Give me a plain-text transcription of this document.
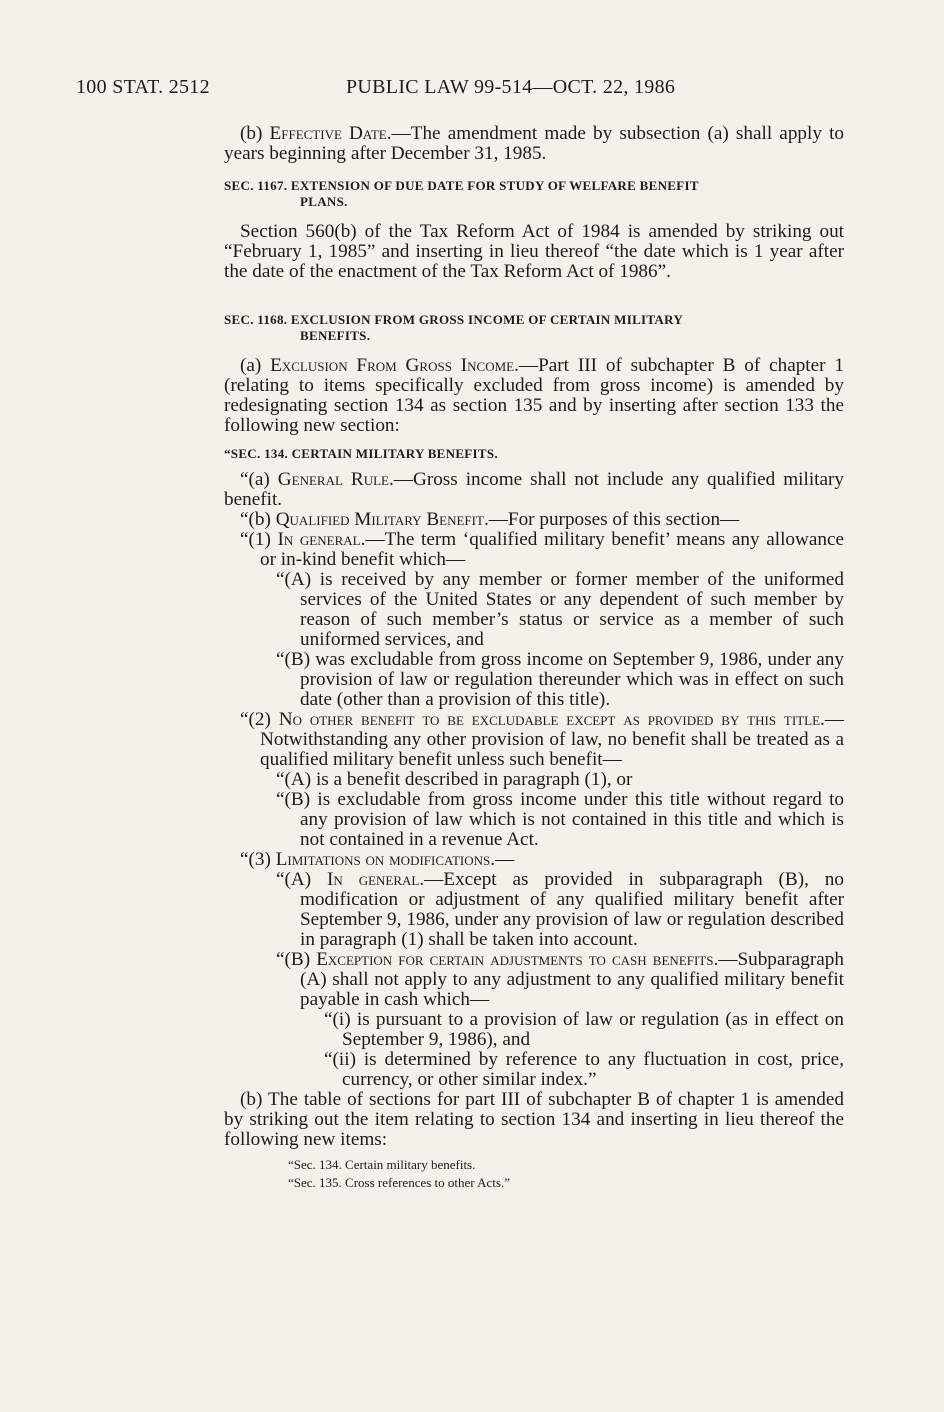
100 STAT. 2512	PUBLIC LAW 99-514—OCT. 22, 1986

(b) Effective Date.—The amendment made by subsection (a) shall apply to years beginning after December 31, 1985.

SEC. 1167. EXTENSION OF DUE DATE FOR STUDY OF WELFARE BENEFIT
PLANS.

Section 560(b) of the Tax Reform Act of 1984 is amended by striking out “February 1, 1985” and inserting in lieu thereof “the date which is 1 year after the date of the enactment of the Tax Reform Act of 1986”.

SEC. 1168. EXCLUSION FROM GROSS INCOME OF CERTAIN MILITARY
BENEFITS.

(a) Exclusion From Gross Income.—Part III of subchapter B of chapter 1 (relating to items specifically excluded from gross income) is amended by redesignating section 134 as section 135 and by inserting after section 133 the following new section:

“SEC. 134. CERTAIN MILITARY BENEFITS.

“(a) General Rule.—Gross income shall not include any qualified military benefit.

“(b) Qualified Military Benefit.—For purposes of this section—

“(1) In general.—The term ‘qualified military benefit’ means any allowance or in-kind benefit which—

“(A) is received by any member or former member of the uniformed services of the United States or any dependent of such member by reason of such member’s status or service as a member of such uniformed services, and

“(B) was excludable from gross income on September 9, 1986, under any provision of law or regulation thereunder which was in effect on such date (other than a provision of this title).

“(2) No other benefit to be excludable except as provided by this title.—Notwithstanding any other provision of law, no benefit shall be treated as a qualified military benefit unless such benefit—

“(A) is a benefit described in paragraph (1), or

“(B) is excludable from gross income under this title without regard to any provision of law which is not contained in this title and which is not contained in a revenue Act.

“(3) Limitations on modifications.—

“(A) In general.—Except as provided in subparagraph (B), no modification or adjustment of any qualified military benefit after September 9, 1986, under any provision of law or regulation described in paragraph (1) shall be taken into account.

“(B) Exception for certain adjustments to cash benefits.—Subparagraph (A) shall not apply to any adjustment to any qualified military benefit payable in cash which—

“(i) is pursuant to a provision of law or regulation (as in effect on September 9, 1986), and

“(ii) is determined by reference to any fluctuation in cost, price, currency, or other similar index.”

(b) The table of sections for part III of subchapter B of chapter 1 is amended by striking out the item relating to section 134 and inserting in lieu thereof the following new items:

“Sec. 134. Certain military benefits.
“Sec. 135. Cross references to other Acts.”
